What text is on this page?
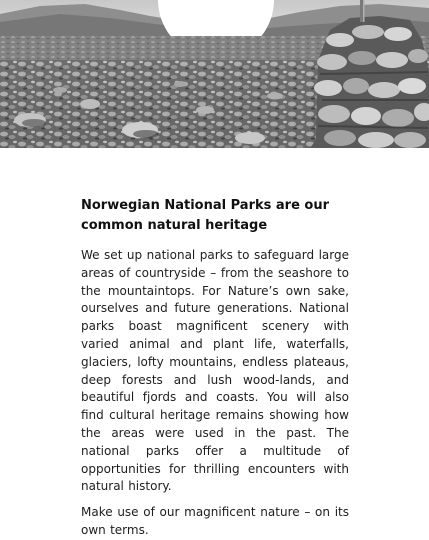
Norwegian National Parks are our common natural heritage

We set up national parks to safeguard large areas of countryside – from the seashore to the mountaintops. For Nature’s own sake, ourselves and future generations. National parks boast magnificent scenery with varied animal and plant life, waterfalls, glaciers, lofty mountains, endless plateaus, deep forests and lush wood-lands, and beautiful fjords and coasts. You will also find cultural heritage remains showing how the areas were used in the past. The national parks offer a multitude of opportunities for thrilling encounters with natural history.

Make use of our magnificent nature – on its own terms.
